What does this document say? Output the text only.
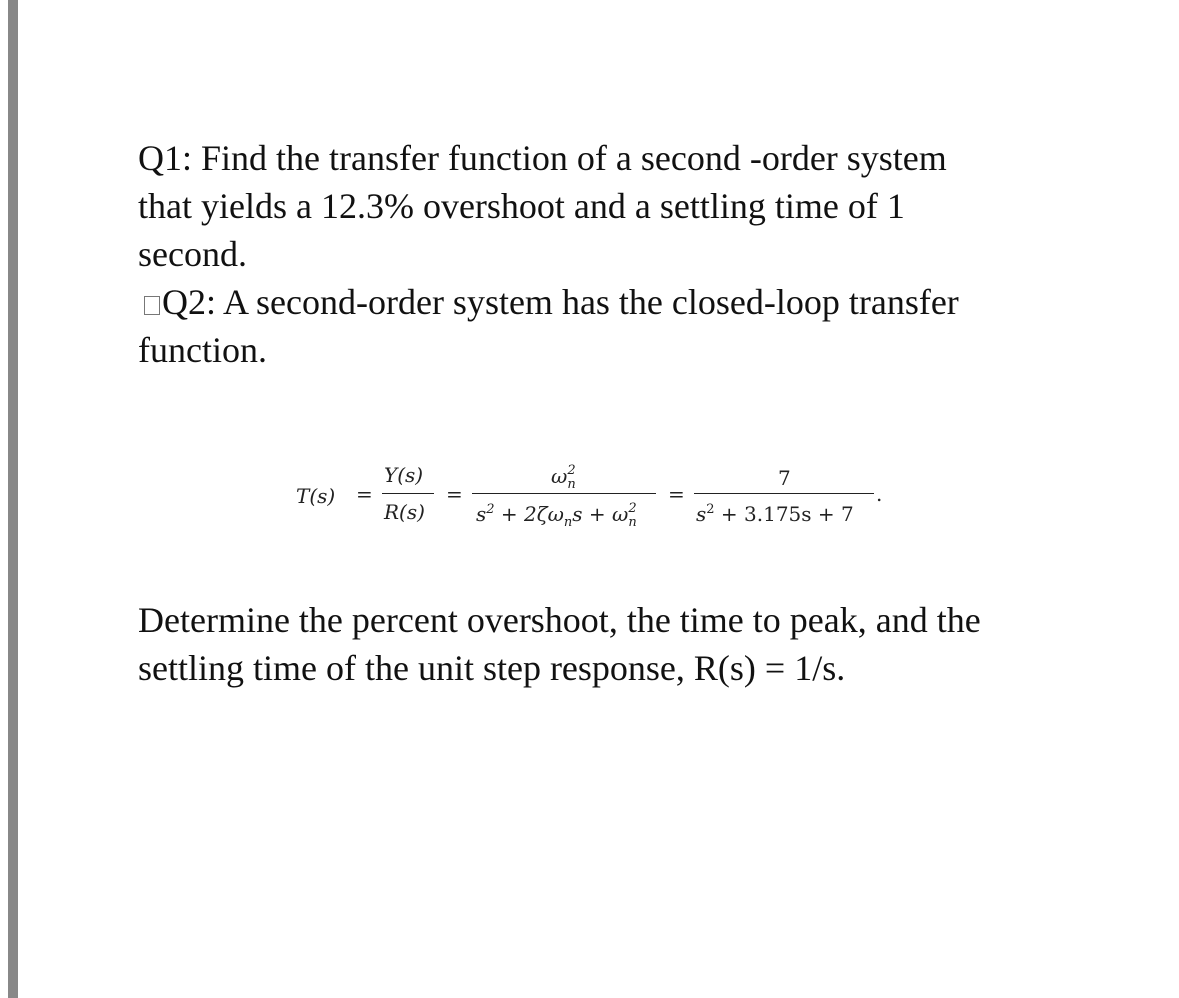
Q1: Find the transfer function of a second -order system that yields a 12.3% overshoot and a settling time of 1 second.
Q2: A second-order system has the closed-loop transfer function.
T(s) =
Y(s)
R(s)
=
ω 2
n
$s^2 + 2\zeta\omega_ns + \omega$ 2
n
=
7
$s^2 + 3.175s + 7$
.
Determine the percent overshoot, the time to peak, and the settling time of the unit step response, R(s) = 1/s.
